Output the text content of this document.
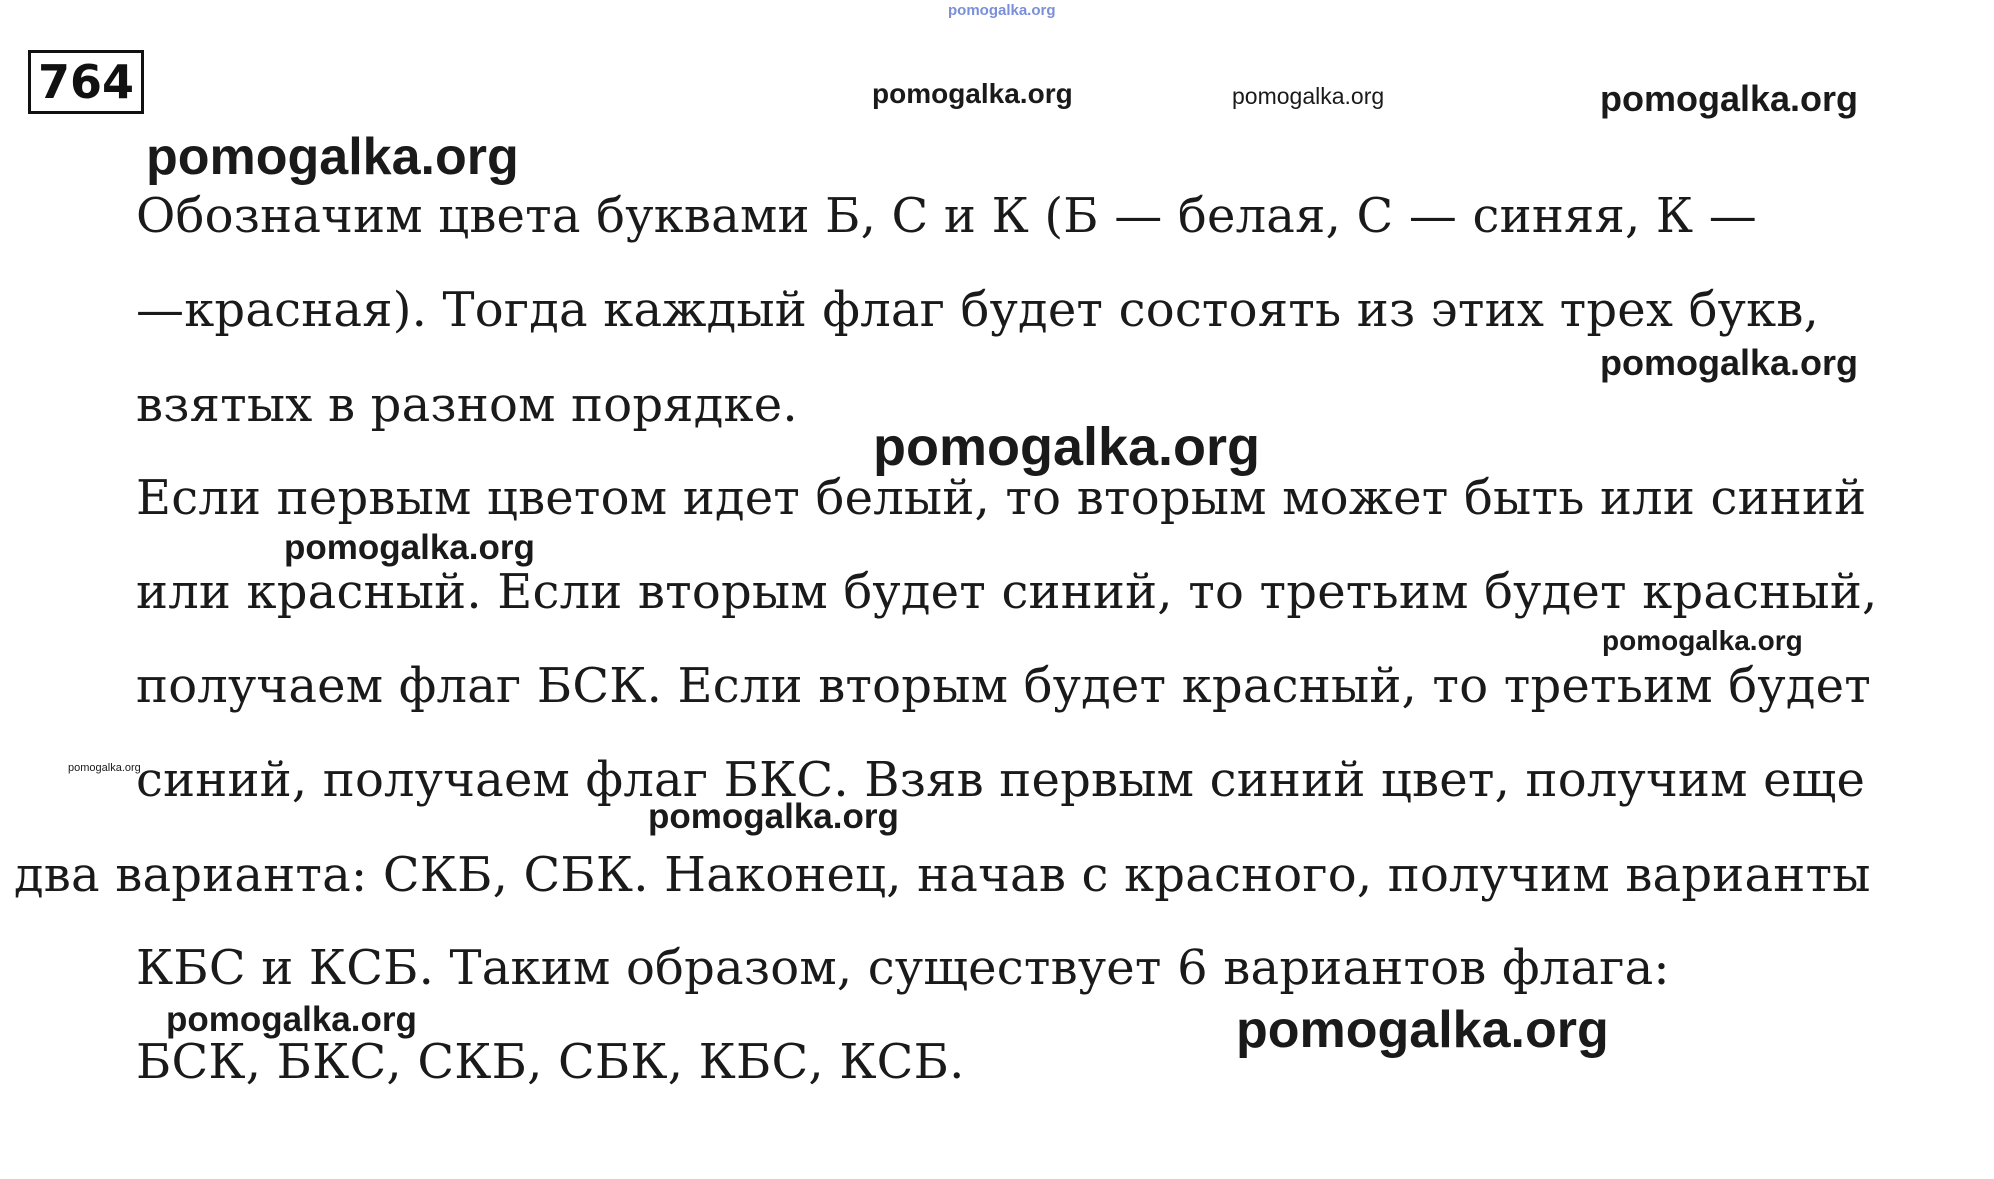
pomogalka.org
764	pomogalka.org	pomogalka.org	pomogalka.org
pomogalka.org

Обозначим цвета буквами Б, С и К (Б — белая, С — синяя, К —

—красная). Тогда каждый флаг будет состоять из этих трех букв,

взятых в разном порядке.

pomogalka.org
pomogalka.org

Если первым цветом идет белый, то вторым может быть или синий

pomogalka.org

или красный. Если вторым будет синий, то третьим будет красный,

pomogalka.org

получаем флаг БСК. Если вторым будет красный, то третьим будет

pomogalka.org

синий, получаем флаг БКС. Взяв первым синий цвет, получим еще

pomogalka.org

два варианта: СКБ, СБК. Наконец, начав с красного, получим варианты

КБС и КСБ. Таким образом, существует 6 вариантов флага:

pomogalka.org	pomogalka.org

БСК, БКС, СКБ, СБК, КБС, КСБ.
